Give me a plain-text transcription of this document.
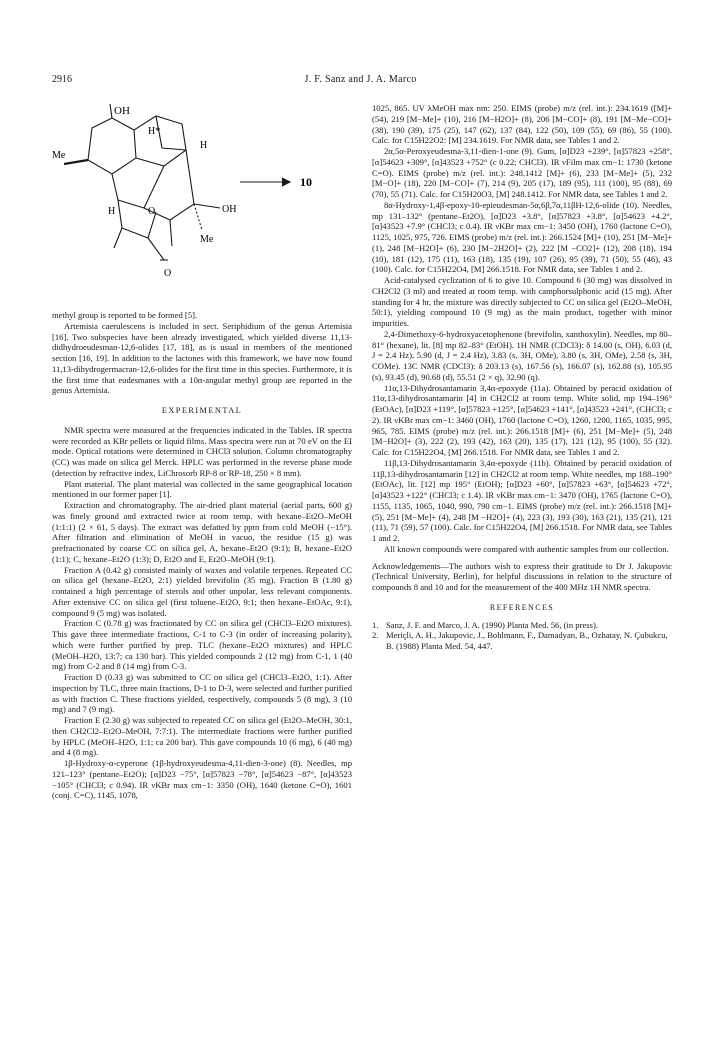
2916	J. F. Sanz and J. A. Marco
OH
H*
Me
H
OH
H	O
Me
O
10

methyl group is reported to be formed [5].

Artemisia caerulescens is included in sect. Seriphidium of the genus Artemisia [16]. Two subspecies have been already investigated, which yielded diverse 11,13-didhydroeudesman-12,6-olides [17, 18], as is usual in members of the mentioned section [16, 19]. In addition to the lactones with this framework, we have now found 11,13-dihydrogermacran-12,6-olides for the first time in this species. Furthermore, it is the first time that eudesmanes with a 10α-angular methyl group are reported in the genus Artemisia.

EXPERIMENTAL

NMR spectra were measured at the frequencies indicated in the Tables. IR spectra were recorded as KBr pellets or liquid films. Mass spectra were run at 70 eV on the EI mode. Optical rotations were determined in CHCl3 solution. Column chromatography (CC) was made on silica gel Merck. HPLC was performed in the reverse phase mode (detection by refractive index, LiChrosorb RP-8 or RP-18, 250 × 8 mm).

Plant material. The plant material was collected in the same geographical location mentioned in our former paper [1].

Extraction and chromatography. The air-dried plant material (aerial parts, 600 g) was finely ground and extracted twice at room temp. with hexane–Et2O–MeOH (1:1:1) (2 × 61, 5 days). The extract was defatted by pptn from cold MeOH (−15°). After filtration and elimination of MeOH in vacuo, the residue (15 g) was prefractionated by coarse CC on silica gel, A, hexane–Et2O (9:1); B, hexane–Et2O (1:1); C, hexane–Et2O (1:3); D, Et2O and E, Et2O–MeOH (9:1).

Fraction A (0.42 g) consisted mainly of waxes and volatile terpenes. Repeated CC on silica gel (hexane–Et2O, 2:1) yielded brevifolin (35 mg). Fraction B (1.80 g) contained a high percentage of sterols and other unpolar, less relevant components. After extensive CC on silica gel (first toluene–Et2O, 9:1; then hexane–EtOAc, 9:1), compound 9 (5 mg) was isolated.

Fraction C (0.78 g) was fractionated by CC on silica gel (CHCl3–Et2O mixtures). This gave three intermediate fractions, C-1 to C-3 (in order of increasing polarity), which were further purified by prep. TLC (hexane–Et2O mixtures) and HPLC (MeOH–H2O, 13:7; ca 130 bar). This yielded compounds 2 (12 mg) from C-1, 1 (40 mg) from C-2 and 8 (14 mg) from C-3.

Fraction D (0.33 g) was submitted to CC on silica gel (CHCl3–Et2O, 1:1). After inspection by TLC, three main fractions, D-1 to D-3, were selected and further purified as with fraction C. These fractions yielded, respectively, compounds 5 (8 mg), 3 (10 mg) and 7 (9 mg).

Fraction E (2.30 g) was subjected to repeated CC on silica gel (Et2O–MeOH, 30:1, then CH2Cl2–Et2O–MeOH, 7:7:1). The intermediate fractions were further purified by HPLC (MeOH–H2O, 1:1; ca 200 bar). This gave compounds 10 (6 mg), 6 (40 mg) and 4 (8 mg).

1β-Hydroxy-α-cyperone (1β-hydroxyeudesma-4,11-dien-3-one) (8). Needles, mp 121–123° (pentane–Et2O); [α]D23 −75°, [α]57823 −78°, [α]54623 −87°, [α]43523 −105° (CHCl3; c 0.94). IR νKBr max cm−1: 3350 (OH), 1640 (ketone C=O), 1601 (conj. C=C), 1145, 1078,

1025, 865. UV λMeOH max nm: 250. EIMS (probe) m/z (rel. int.): 234.1619 ([M]+ (54), 219 [M−Me]+ (10), 216 [M−H2O]+ (8), 206 [M−CO]+ (8), 191 [M−Me−CO]+ (38), 190 (39), 175 (25), 147 (62), 137 (84), 122 (50), 109 (55), 69 (86), 55 (100). Calc. for C15H22O2: [M] 234.1619. For NMR data, see Tables 1 and 2.

2α,5α-Peroxyeudesma-3,11-dien-1-one (9). Gum, [α]D23 +239°, [α]57823 +258°, [α]54623 +309°, [α]43523 +752° (c 0.22; CHCl3). IR νFilm max cm−1: 1730 (ketone C=O). EIMS (probe) m/z (rel. int.): 248.1412 [M]+ (6), 233 [M−Me]+ (5), 232 [M−O]+ (18), 220 [M−CO]+ (7), 214 (9), 205 (17), 189 (95), 111 (100), 95 (88), 69 (70), 55 (71). Calc. for C15H20O3, [M] 248.1412. For NMR data, see Tables 1 and 2.

8α-Hydroxy-1,4β-epoxy-10-epieudesman-5α,6β,7α,11βH-12,6-olide (10). Needles, mp 131–132° (pentane–Et2O), [α]D23 +3.8°, [α]57823 +3.8°, [α]54623 +4.2°, [α]43523 +7.9° (CHCl3; c 0.4). IR νKBr max cm−1: 3450 (OH), 1760 (lactone C=O), 1125, 1025, 975, 726. EIMS (probe) m/z (rel. int.): 266.1524 [M]+ (10), 251 [M−Me]+ (1), 248 [M−H2O]+ (6), 230 [M−2H2O]+ (2), 222 [M −CO2]+ (12), 208 (18), 194 (10), 181 (12), 175 (11), 163 (18), 135 (19), 107 (26), 95 (39), 71 (50), 55 (46), 43 (100). Calc. for C15H22O4, [M] 266.1518. For NMR data, see Tables 1 and 2.

Acid-catalysed cyclization of 6 to give 10. Compound 6 (30 mg) was dissolved in CH2Cl2 (3 ml) and treated at room temp. with camphorsulphonic acid (15 mg). After standing for 4 hr, the mixture was directly subjected to CC on silica gel (Et2O–MeOH, 50:1), yielding compound 10 (9 mg) as the main product, together with minor impurities.

2,4-Dimethoxy-6-hydroxyacetophenone (brevifolin, xanthoxylin). Needles, mp 80–81° (hexane), lit. [8] mp 82–83° (EtOH). 1H NMR (CDCl3): δ 14.00 (s, OH), 6.03 (d, J = 2.4 Hz), 5.90 (d, J = 2.4 Hz), 3.83 (s, 3H, OMe), 3.80 (s, 3H, OMe), 2.58 (s, 3H, COMe). 13C NMR (CDCl3): δ 203.13 (s), 167.56 (s), 166.07 (s), 162.88 (s), 105.95 (s), 93.45 (d), 90.68 (d), 55.51 (2 × q), 32.90 (q).

11α,13-Dihydrosantamarin 3,4α-epoxyde (11a). Obtained by peracid oxidation of 11α,13-dihydrosantamarin [4] in CH2Cl2 at room temp. White solid, mp 194–196° (EtOAc), [α]D23 +119°, [α]57823 +125°, [α]54623 +141°, [α]43523 +241°, (CHCl3; c 2). IR νKBr max cm−1: 3460 (OH), 1760 (lactone C=O), 1260, 1200, 1165, 1035, 995, 965, 785. EIMS (probe) m/z (rel. int.): 266.1518 [M]+ (6), 251 [M−Me]+ (5), 248 [M−H2O]+ (3), 222 (2), 193 (42), 163 (20), 135 (17), 121 (12), 95 (100), 55 (32). Calc. for C15H22O4, [M] 266.1518. For NMR data, see Tables 1 and 2.

11β,13-Dihydrosantamarin 3,4α-epoxyde (11b). Obtained by peracid oxidation of 11β,13-dihydrosantamarin [12] in CH2Cl2 at room temp. White needles, mp 188–190° (EtOAc), lit. [12] mp 195° (EtOH); [α]D23 +60°, [α]57823 +63°, [α]54623 +72°, [α]43523 +122° (CHCl3; c 1.4). IR νKBr max cm−1: 3470 (OH), 1765 (lactone C=O), 1155, 1135, 1065, 1040, 990, 790 cm−1. EIMS (probe) m/z (rel. int.): 266.1518 [M]+ (5), 251 [M−Me]+ (4), 248 [M −H2O]+ (4), 223 (3), 193 (30), 163 (21), 135 (21), 121 (11), 71 (59), 57 (100). Calc. for C15H22O4, [M] 266.1518. For NMR data, see Tables 1 and 2.

All known compounds were compared with authentic samples from our collection.

Acknowledgements—The authors wish to express their gratitude to Dr J. Jakupovic (Technical University, Berlin), for helpful discussions in relation to the structure of compounds 8 and 10 and for the measurement of the 400 MHz 1H NMR spectra.

REFERENCES
1. Sanz, J. F. and Marco, J. A. (1990) Planta Med. 56, (in press).
2. Meriçli, A. H., Jakupovic, J., Bohlmann, F., Damadyan, B., Ozhatay, N. Çubukcu, B. (1988) Planta Med. 54, 447.
